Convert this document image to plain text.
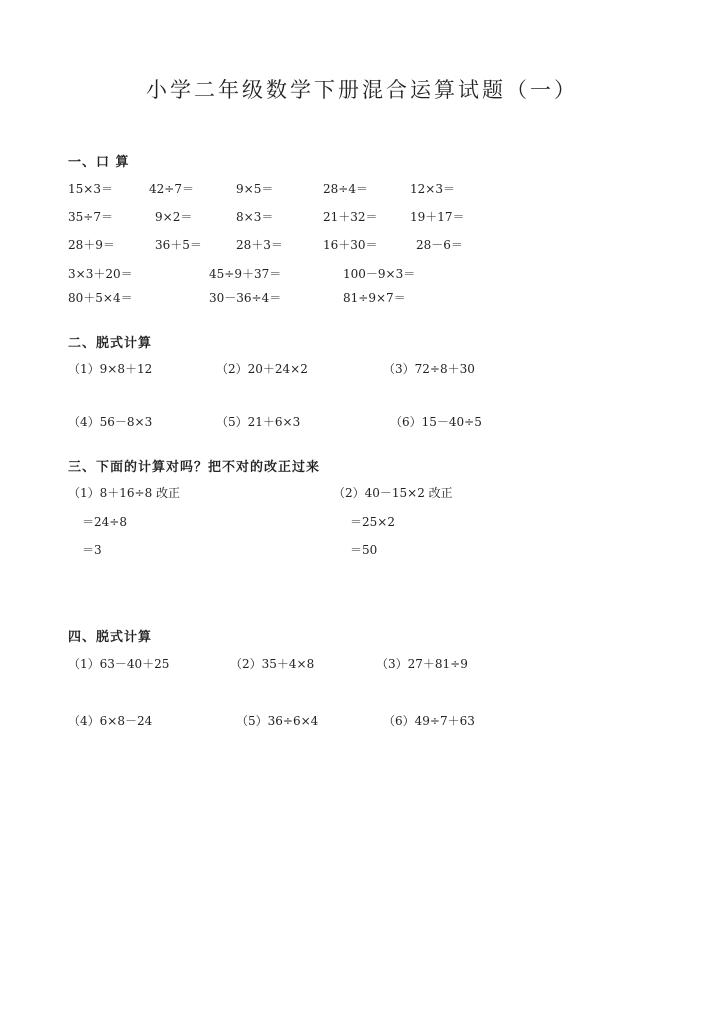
小学二年级数学下册混合运算试题（一）
一、口 算
15×3＝	42÷7＝	9×5＝	28÷4＝	12×3＝
35÷7＝	9×2＝	8×3＝	21＋32＝	19＋17＝
28＋9＝	36＋5＝	28＋3＝	16＋30＝	28－6＝
3×3＋20＝	45÷9＋37＝	100－9×3＝
80＋5×4＝	30－36÷4＝	81÷9×7＝
二、脱式计算
（1）9×8＋12	（2）20＋24×2	（3）72÷8＋30
（4）56－8×3	（5）21＋6×3	（6）15－40÷5
三、下面的计算对吗？把不对的改正过来
（1）8＋16÷8 改正
＝24÷8
＝3
（2）40－15×2 改正
＝25×2
＝50
四、脱式计算
（1）63－40＋25	（2）35＋4×8	（3）27＋81÷9
（4）6×8－24	（5）36÷6×4	（6）49÷7＋63
